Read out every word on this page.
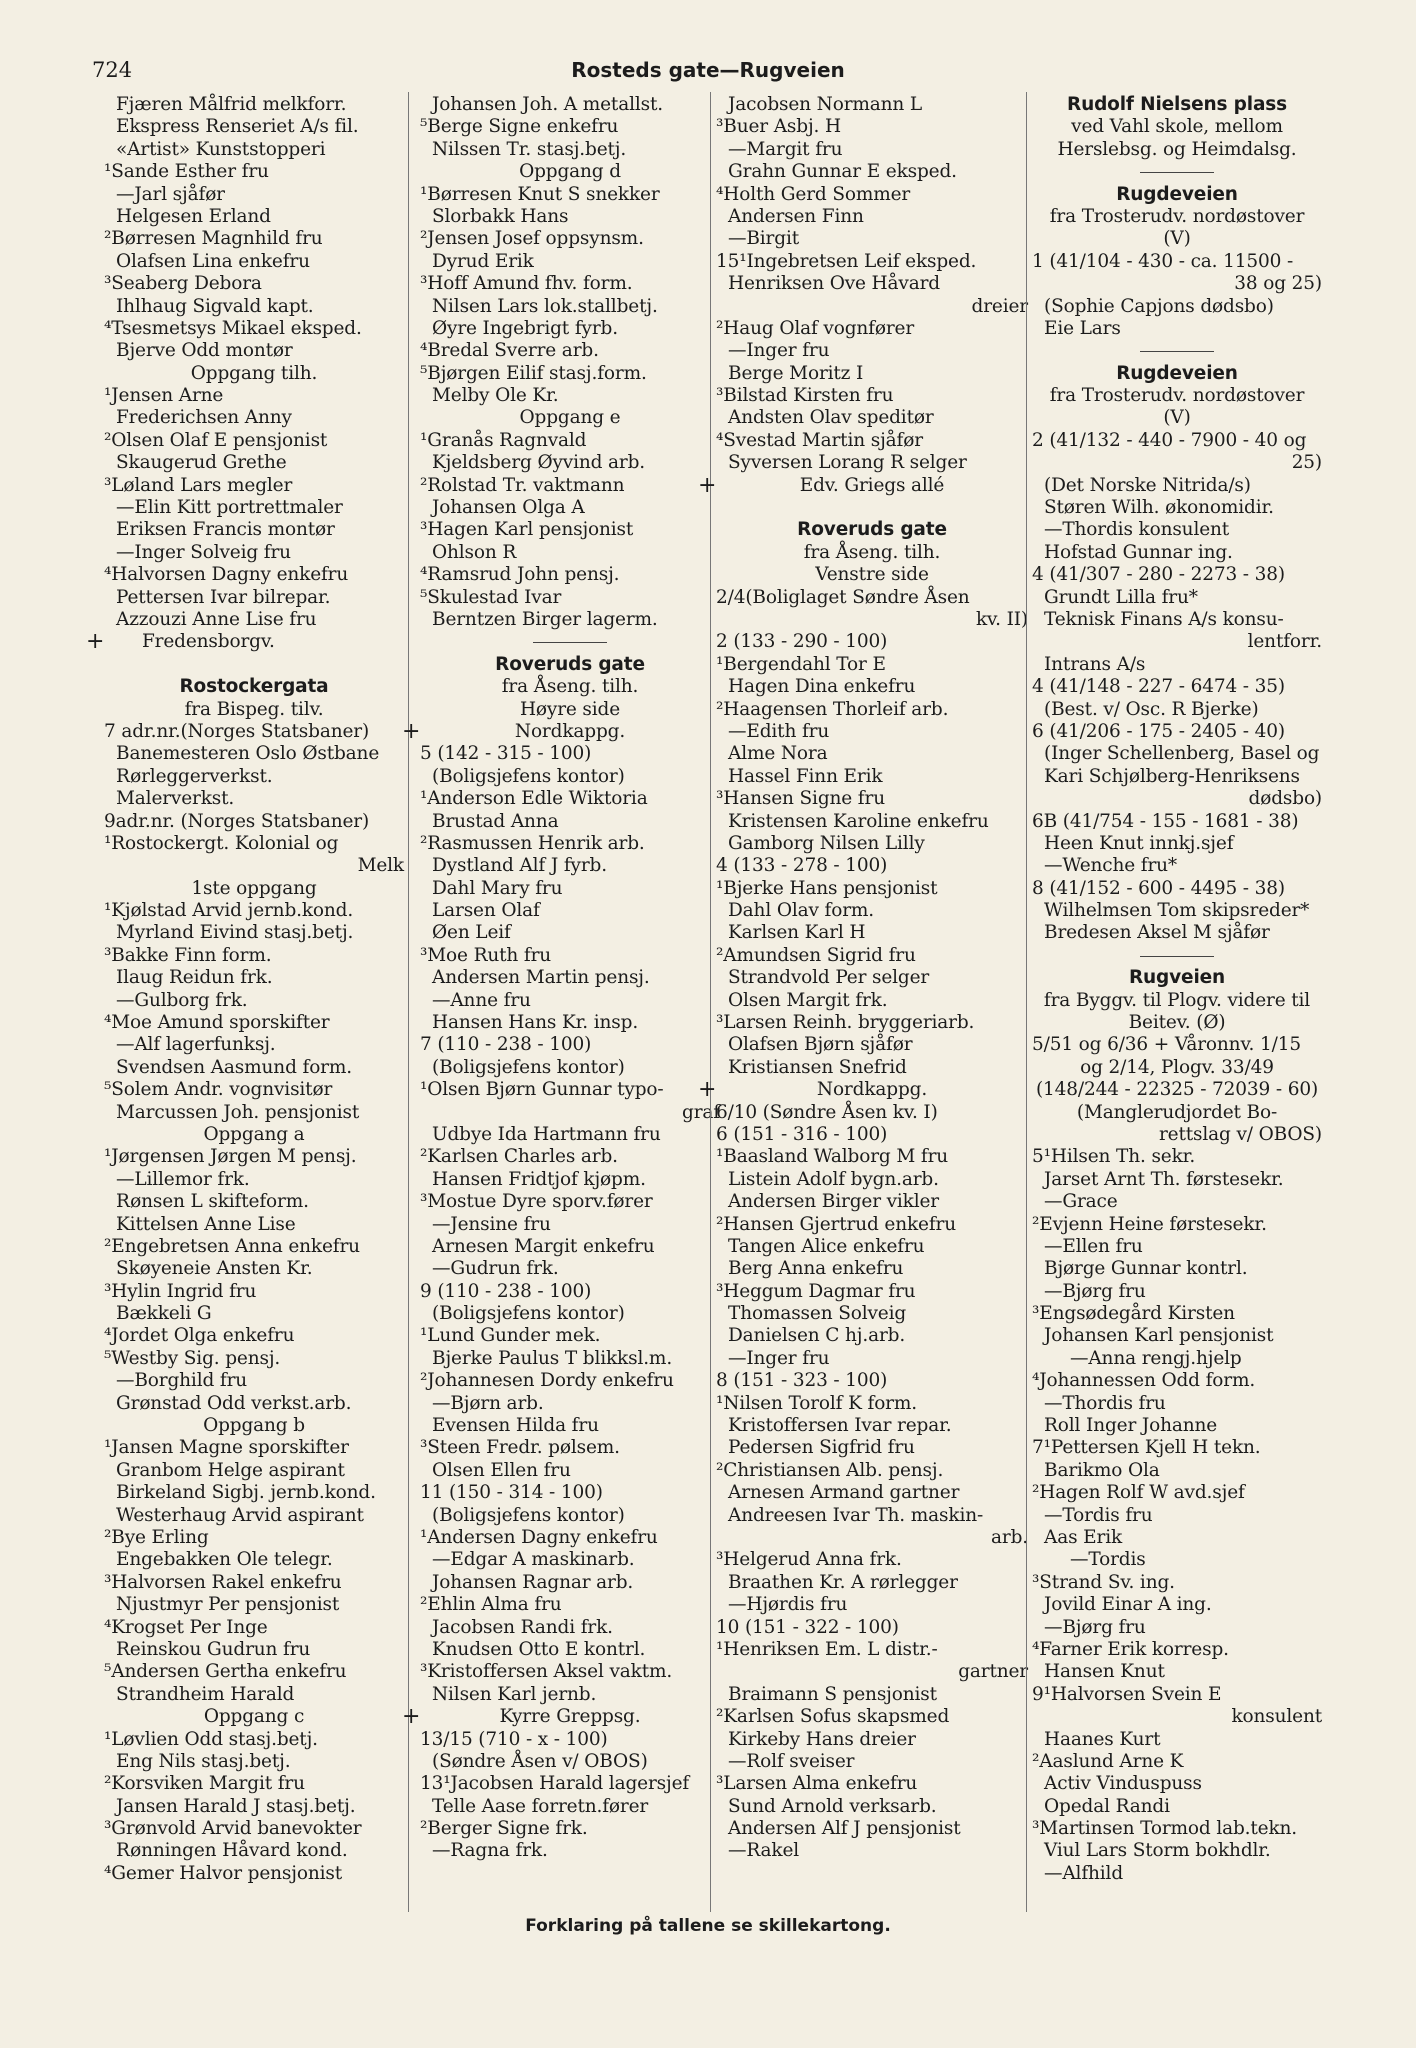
724	Rosteds gate—Rugveien
Fjæren Målfrid melkforr.
Ekspress Renseriet A/s fil.
«Artist» Kunststopperi
¹Sande Esther fru
—Jarl sjåfør
Helgesen Erland
²Børresen Magnhild fru
Olafsen Lina enkefru
³Seaberg Debora
Ihlhaug Sigvald kapt.
⁴Tsesmetsys Mikael eksped.
Bjerve Odd montør
Oppgang tilh.
¹Jensen Arne
Frederichsen Anny
²Olsen Olaf E pensjonist
Skaugerud Grethe
³Løland Lars megler
—Elin Kitt portrettmaler
Eriksen Francis montør
—Inger Solveig fru
⁴Halvorsen Dagny enkefru
Pettersen Ivar bilrepar.
Azzouzi Anne Lise fru
+ Fredensborgv.
Rostockergata
fra Bispeg. tilv.
7 adr.nr.(Norges Statsbaner)
Banemesteren Oslo Østbane
Rørleggerverkst.
Malerverkst.
9adr.nr. (Norges Statsbaner)
¹Rostockergt. Kolonial og
Melk
1ste oppgang
¹Kjølstad Arvid jernb.kond.
Myrland Eivind stasj.betj.
³Bakke Finn form.
Ilaug Reidun frk.
—Gulborg frk.
⁴Moe Amund sporskifter
—Alf lagerfunksj.
Svendsen Aasmund form.
⁵Solem Andr. vognvisitør
Marcussen Joh. pensjonist
Oppgang a
¹Jørgensen Jørgen M pensj.
—Lillemor frk.
Rønsen L skifteform.
Kittelsen Anne Lise
²Engebretsen Anna enkefru
Skøyeneie Ansten Kr.
³Hylin Ingrid fru
Bækkeli G
⁴Jordet Olga enkefru
⁵Westby Sig. pensj.
—Borghild fru
Grønstad Odd verkst.arb.
Oppgang b
¹Jansen Magne sporskifter
Granbom Helge aspirant
Birkeland Sigbj. jernb.kond.
Westerhaug Arvid aspirant
²Bye Erling
Engebakken Ole telegr.
³Halvorsen Rakel enkefru
Njustmyr Per pensjonist
⁴Krogset Per Inge
Reinskou Gudrun fru
⁵Andersen Gertha enkefru
Strandheim Harald
Oppgang c
¹Løvlien Odd stasj.betj.
Eng Nils stasj.betj.
²Korsviken Margit fru
Jansen Harald J stasj.betj.
³Grønvold Arvid banevokter
Rønningen Håvard kond.
⁴Gemer Halvor pensjonist
Johansen Joh. A metallst.
⁵Berge Signe enkefru
Nilssen Tr. stasj.betj.
Oppgang d
¹Børresen Knut S snekker
Slorbakk Hans
²Jensen Josef oppsynsm.
Dyrud Erik
³Hoff Amund fhv. form.
Nilsen Lars lok.stallbetj.
Øyre Ingebrigt fyrb.
⁴Bredal Sverre arb.
⁵Bjørgen Eilif stasj.form.
Melby Ole Kr.
Oppgang e
¹Granås Ragnvald
Kjeldsberg Øyvind arb.
²Rolstad Tr. vaktmann
Johansen Olga A
³Hagen Karl pensjonist
Ohlson R
⁴Ramsrud John pensj.
⁵Skulestad Ivar
Berntzen Birger lagerm.
Roveruds gate
fra Åseng. tilh.
Høyre side
+	Nordkappg.
5 (142 - 315 - 100)
(Boligsjefens kontor)
¹Anderson Edle Wiktoria
Brustad Anna
²Rasmussen Henrik arb.
Dystland Alf J fyrb.
Dahl Mary fru
Larsen Olaf
Øen Leif
³Moe Ruth fru
Andersen Martin pensj.
—Anne fru
Hansen Hans Kr. insp.
7 (110 - 238 - 100)
(Boligsjefens kontor)
¹Olsen Bjørn Gunnar typo-
graf
Udbye Ida Hartmann fru
²Karlsen Charles arb.
Hansen Fridtjof kjøpm.
³Mostue Dyre sporv.fører
—Jensine fru
Arnesen Margit enkefru
—Gudrun frk.
9 (110 - 238 - 100)
(Boligsjefens kontor)
¹Lund Gunder mek.
Bjerke Paulus T blikksl.m.
²Johannesen Dordy enkefru
—Bjørn arb.
Evensen Hilda fru
³Steen Fredr. pølsem.
Olsen Ellen fru
11 (150 - 314 - 100)
(Boligsjefens kontor)
¹Andersen Dagny enkefru
—Edgar A maskinarb.
Johansen Ragnar arb.
²Ehlin Alma fru
Jacobsen Randi frk.
Knudsen Otto E kontrl.
³Kristoffersen Aksel vaktm.
Nilsen Karl jernb.
+	Kyrre Greppsg.
13/15 (710 - x - 100)
(Søndre Åsen v/ OBOS)
13¹Jacobsen Harald lagersjef
Telle Aase forretn.fører
²Berger Signe frk.
—Ragna frk.
Jacobsen Normann L
³Buer Asbj. H
—Margit fru
Grahn Gunnar E eksped.
⁴Holth Gerd Sommer
Andersen Finn
—Birgit
15¹Ingebretsen Leif eksped.
Henriksen Ove Håvard
dreier
²Haug Olaf vognfører
—Inger fru
Berge Moritz I
³Bilstad Kirsten fru
Andsten Olav speditør
⁴Svestad Martin sjåfør
Syversen Lorang R selger
+	Edv. Griegs allé
Roveruds gate
fra Åseng. tilh.
Venstre side
2/4(Boliglaget Søndre Åsen
kv. II)
2 (133 - 290 - 100)
¹Bergendahl Tor E
Hagen Dina enkefru
²Haagensen Thorleif arb.
—Edith fru
Alme Nora
Hassel Finn Erik
³Hansen Signe fru
Kristensen Karoline enkefru
Gamborg Nilsen Lilly
4 (133 - 278 - 100)
¹Bjerke Hans pensjonist
Dahl Olav form.
Karlsen Karl H
²Amundsen Sigrid fru
Strandvold Per selger
Olsen Margit frk.
³Larsen Reinh. bryggeriarb.
Olafsen Bjørn sjåfør
Kristiansen Snefrid
+	Nordkappg.
6/10 (Søndre Åsen kv. I)
6 (151 - 316 - 100)
¹Baasland Walborg M fru
Listein Adolf bygn.arb.
Andersen Birger vikler
²Hansen Gjertrud enkefru
Tangen Alice enkefru
Berg Anna enkefru
³Heggum Dagmar fru
Thomassen Solveig
Danielsen C hj.arb.
—Inger fru
8 (151 - 323 - 100)
¹Nilsen Torolf K form.
Kristoffersen Ivar repar.
Pedersen Sigfrid fru
²Christiansen Alb. pensj.
Arnesen Armand gartner
Andreesen Ivar Th. maskin-
arb.
³Helgerud Anna frk.
Braathen Kr. A rørlegger
—Hjørdis fru
10 (151 - 322 - 100)
¹Henriksen Em. L distr.-
gartner
Braimann S pensjonist
²Karlsen Sofus skapsmed
Kirkeby Hans dreier
—Rolf sveiser
³Larsen Alma enkefru
Sund Arnold verksarb.
Andersen Alf J pensjonist
—Rakel
Rudolf Nielsens plass
ved Vahl skole, mellom
Herslebsg. og Heimdalsg.
Rugdeveien
fra Trosterudv. nordøstover
(V)
1 (41/104 - 430 - ca. 11500 -
38 og 25)
(Sophie Capjons dødsbo)
Eie Lars
Rugdeveien
fra Trosterudv. nordøstover
(V)
2 (41/132 - 440 - 7900 - 40 og
25)
(Det Norske Nitrida/s)
Støren Wilh. økonomidir.
—Thordis konsulent
Hofstad Gunnar ing.
4 (41/307 - 280 - 2273 - 38)
Grundt Lilla fru*
Teknisk Finans A/s konsu-
lentforr.
Intrans A/s
4 (41/148 - 227 - 6474 - 35)
(Best. v/ Osc. R Bjerke)
6 (41/206 - 175 - 2405 - 40)
(Inger Schellenberg, Basel og
Kari Schjølberg-Henriksens
dødsbo)
6B (41/754 - 155 - 1681 - 38)
Heen Knut innkj.sjef
—Wenche fru*
8 (41/152 - 600 - 4495 - 38)
Wilhelmsen Tom skipsreder*
Bredesen Aksel M sjåfør
Rugveien
fra Byggv. til Plogv. videre til
Beitev. (Ø)
5/51 og 6/36 + Våronnv. 1/15
og 2/14, Plogv. 33/49
(148/244 - 22325 - 72039 - 60)
(Manglerudjordet Bo-
rettslag v/ OBOS)
5¹Hilsen Th. sekr.
Jarset Arnt Th. førstesekr.
—Grace
²Evjenn Heine førstesekr.
—Ellen fru
Bjørge Gunnar kontrl.
—Bjørg fru
³Engsødegård Kirsten
Johansen Karl pensjonist
—Anna rengj.hjelp
⁴Johannessen Odd form.
—Thordis fru
Roll Inger Johanne
7¹Pettersen Kjell H tekn.
Barikmo Ola
²Hagen Rolf W avd.sjef
—Tordis fru
Aas Erik
—Tordis
³Strand Sv. ing.
Jovild Einar A ing.
—Bjørg fru
⁴Farner Erik korresp.
Hansen Knut
9¹Halvorsen Svein E
konsulent
Haanes Kurt
²Aaslund Arne K
Activ Vinduspuss
Opedal Randi
³Martinsen Tormod lab.tekn.
Viul Lars Storm bokhdlr.
—Alfhild
Forklaring på tallene se skillekartong.
